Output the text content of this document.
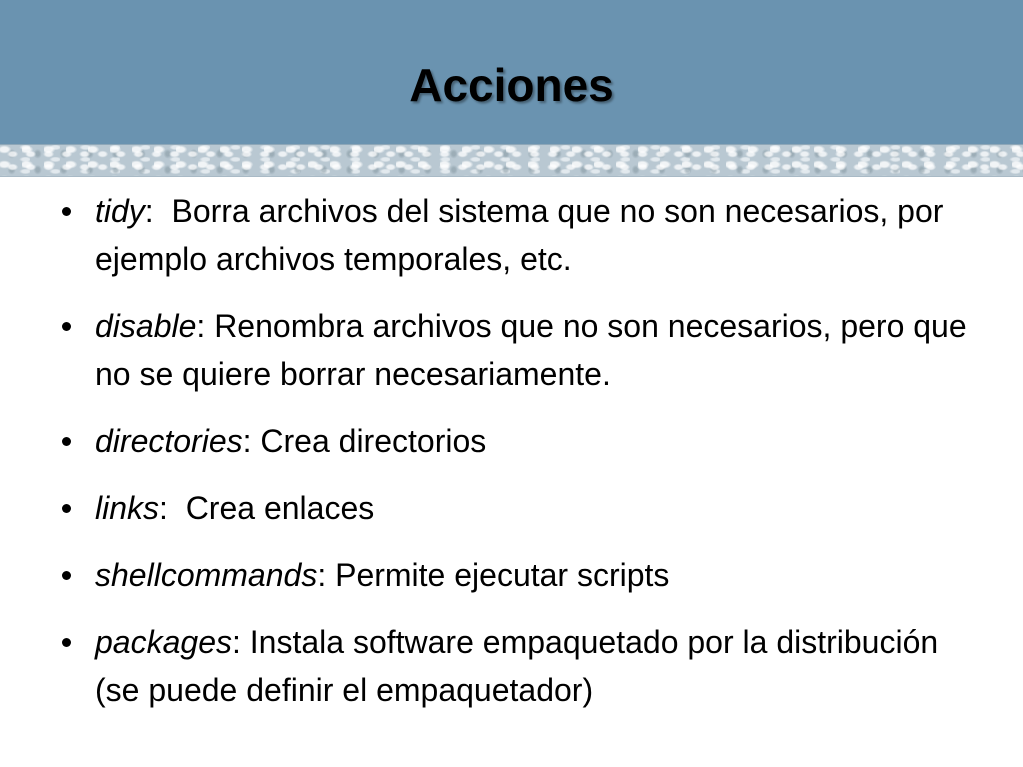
Acciones
tidy:  Borra archivos del sistema que no son necesarios, por ejemplo archivos temporales, etc.
disable: Renombra archivos que no son necesarios, pero que no se quiere borrar necesariamente.
directories: Crea directorios
links:  Crea enlaces
shellcommands: Permite ejecutar scripts
packages: Instala software empaquetado por la distribución (se puede definir el empaquetador)
